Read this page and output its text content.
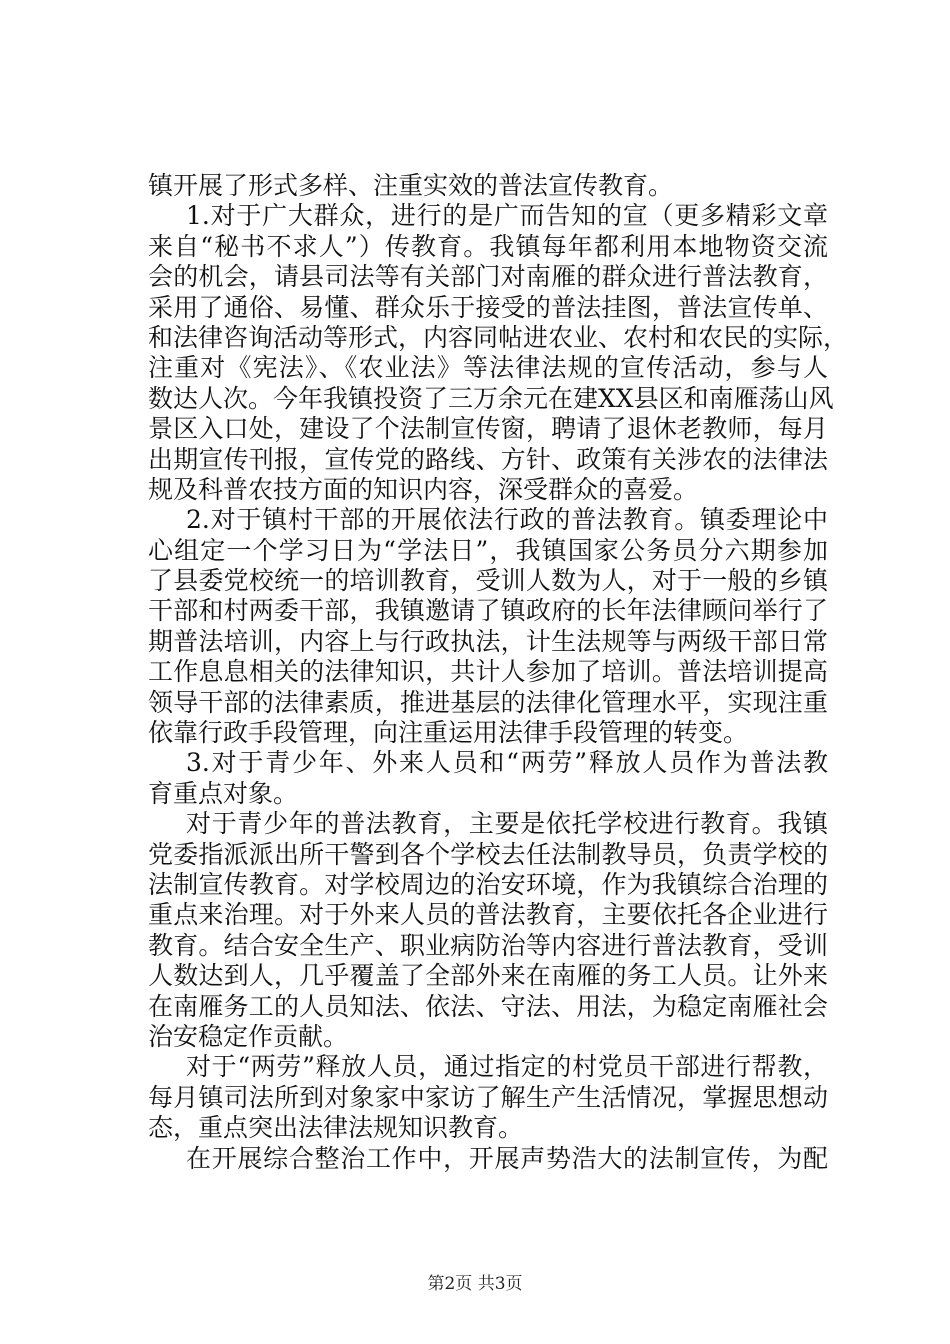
镇开展了形式多样、注重实效的普法宣传教育。
1.对于广大群众，进行的是广而告知的宣（更多精彩文章
来自“秘书不求人”）传教育。我镇每年都利用本地物资交流
会的机会，请县司法等有关部门对南雁的群众进行普法教育，
采用了通俗、易懂、群众乐于接受的普法挂图，普法宣传单、
和法律咨询活动等形式，内容同帖进农业、农村和农民的实际，
注重对《宪法》、《农业法》等法律法规的宣传活动，参与人
数达人次。今年我镇投资了三万余元在建XX县区和南雁荡山风
景区入口处，建设了个法制宣传窗，聘请了退休老教师，每月
出期宣传刊报，宣传党的路线、方针、政策有关涉农的法律法
规及科普农技方面的知识内容，深受群众的喜爱。
2.对于镇村干部的开展依法行政的普法教育。镇委理论中
心组定一个学习日为“学法日”，我镇国家公务员分六期参加
了县委党校统一的培训教育，受训人数为人，对于一般的乡镇
干部和村两委干部，我镇邀请了镇政府的长年法律顾问举行了
期普法培训，内容上与行政执法，计生法规等与两级干部日常
工作息息相关的法律知识，共计人参加了培训。普法培训提高
领导干部的法律素质，推进基层的法律化管理水平，实现注重
依靠行政手段管理，向注重运用法律手段管理的转变。
3.对于青少年、外来人员和“两劳”释放人员作为普法教
育重点对象。
对于青少年的普法教育，主要是依托学校进行教育。我镇
党委指派派出所干警到各个学校去任法制教导员，负责学校的
法制宣传教育。对学校周边的治安环境，作为我镇综合治理的
重点来治理。对于外来人员的普法教育，主要依托各企业进行
教育。结合安全生产、职业病防治等内容进行普法教育，受训
人数达到人，几乎覆盖了全部外来在南雁的务工人员。让外来
在南雁务工的人员知法、依法、守法、用法，为稳定南雁社会
治安稳定作贡献。
对于“两劳”释放人员，通过指定的村党员干部进行帮教，
每月镇司法所到对象家中家访了解生产生活情况，掌握思想动
态，重点突出法律法规知识教育。
在开展综合整治工作中，开展声势浩大的法制宣传，为配
第2页 共3页
